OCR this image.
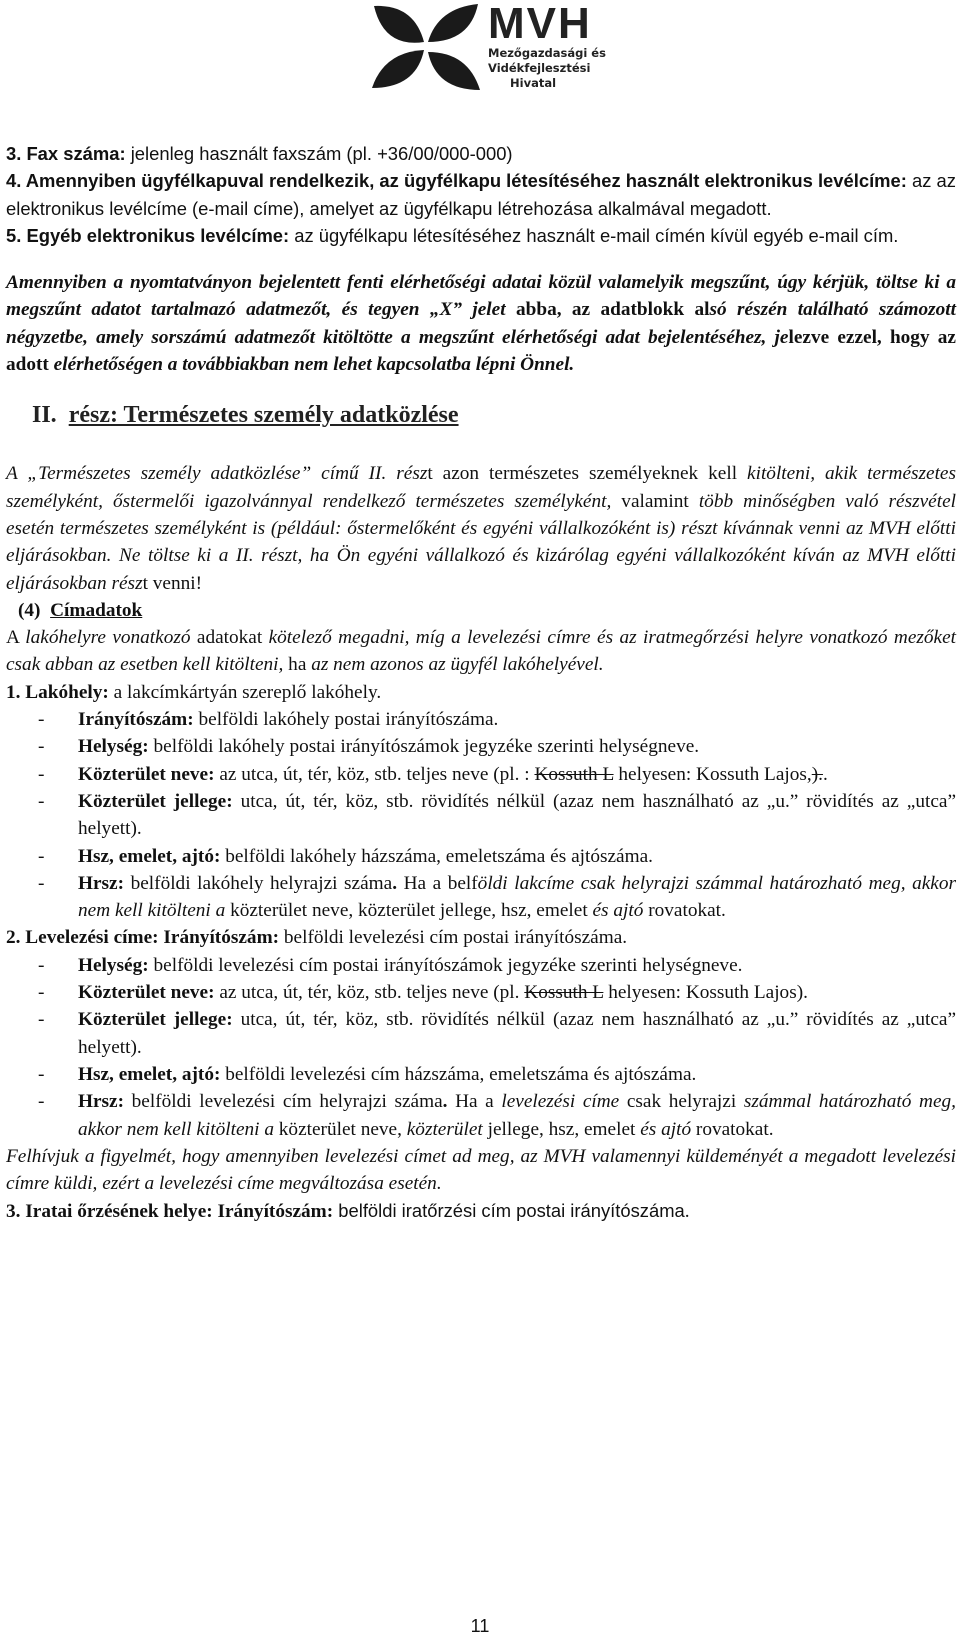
MVH
Mezőgazdasági és
Vidékfejlesztési
Hivatal

3. Fax száma: jelenleg használt faxszám (pl. +36/00/000-000)

4. Amennyiben ügyfélkapuval rendelkezik, az ügyfélkapu létesítéséhez használt elektronikus levélcíme: az az elektronikus levélcíme (e-mail címe), amelyet az ügyfélkapu létrehozása alkalmával megadott.

5. Egyéb elektronikus levélcíme: az ügyfélkapu létesítéséhez használt e-mail címén kívül egyéb e-mail cím.

Amennyiben a nyomtatványon bejelentett fenti elérhetőségi adatai közül valamelyik megszűnt, úgy kérjük, töltse ki a megszűnt adatot tartalmazó adatmezőt, és tegyen „X” jelet abba, az adatblokk alsó részén található számozott négyzetbe, amely sorszámú adatmezőt kitöltötte a megszűnt elérhetőségi adat bejelentéséhez, jelezve ezzel, hogy az adott elérhetőségen a továbbiakban nem lehet kapcsolatba lépni Önnel.

II. rész: Természetes személy adatközlése

A „Természetes személy adatközlése” című II. részt azon természetes személyeknek kell kitölteni, akik természetes személyként, őstermelői igazolvánnyal rendelkező természetes személyként, valamint több minőségben való részvétel esetén természetes személyként is (például: őstermelőként és egyéni vállalkozóként is) részt kívánnak venni az MVH előtti eljárásokban. Ne töltse ki a II. részt, ha Ön egyéni vállalkozó és kizárólag egyéni vállalkozóként kíván az MVH előtti eljárásokban részt venni!

(4) Címadatok

A lakóhelyre vonatkozó adatokat kötelező megadni, míg a levelezési címre és az iratmegőrzési helyre vonatkozó mezőket csak abban az esetben kell kitölteni, ha az nem azonos az ügyfél lakóhelyével.

1. Lakóhely: a lakcímkártyán szereplő lakóhely.

- Irányítószám: belföldi lakóhely postai irányítószáma.

- Helység: belföldi lakóhely postai irányítószámok jegyzéke szerinti helységneve.

- Közterület neve: az utca, út, tér, köz, stb. teljes neve (pl. : Kossuth L helyesen: Kossuth Lajos,)..

- Közterület jellege: utca, út, tér, köz, stb. rövidítés nélkül (azaz nem használható az „u.” rövidítés az „utca” helyett).

- Hsz, emelet, ajtó: belföldi lakóhely házszáma, emeletszáma és ajtószáma.

- Hrsz: belföldi lakóhely helyrajzi száma. Ha a belföldi lakcíme csak helyrajzi számmal határozható meg, akkor nem kell kitölteni a közterület neve, közterület jellege, hsz, emelet és ajtó rovatokat.

2. Levelezési címe: Irányítószám: belföldi levelezési cím postai irányítószáma.

- Helység: belföldi levelezési cím postai irányítószámok jegyzéke szerinti helységneve.

- Közterület neve: az utca, út, tér, köz, stb. teljes neve (pl. Kossuth L helyesen: Kossuth Lajos).

- Közterület jellege: utca, út, tér, köz, stb. rövidítés nélkül (azaz nem használható az „u.” rövidítés az „utca” helyett).

- Hsz, emelet, ajtó: belföldi levelezési cím házszáma, emeletszáma és ajtószáma.

- Hrsz: belföldi levelezési cím helyrajzi száma. Ha a levelezési címe csak helyrajzi számmal határozható meg, akkor nem kell kitölteni a közterület neve, közterület jellege, hsz, emelet és ajtó rovatokat.

Felhívjuk a figyelmét, hogy amennyiben levelezési címet ad meg, az MVH valamennyi küldeményét a megadott levelezési címre küldi, ezért a levelezési címe megváltozása esetén.

3. Iratai őrzésének helye: Irányítószám: belföldi iratőrzési cím postai irányítószáma.

11
